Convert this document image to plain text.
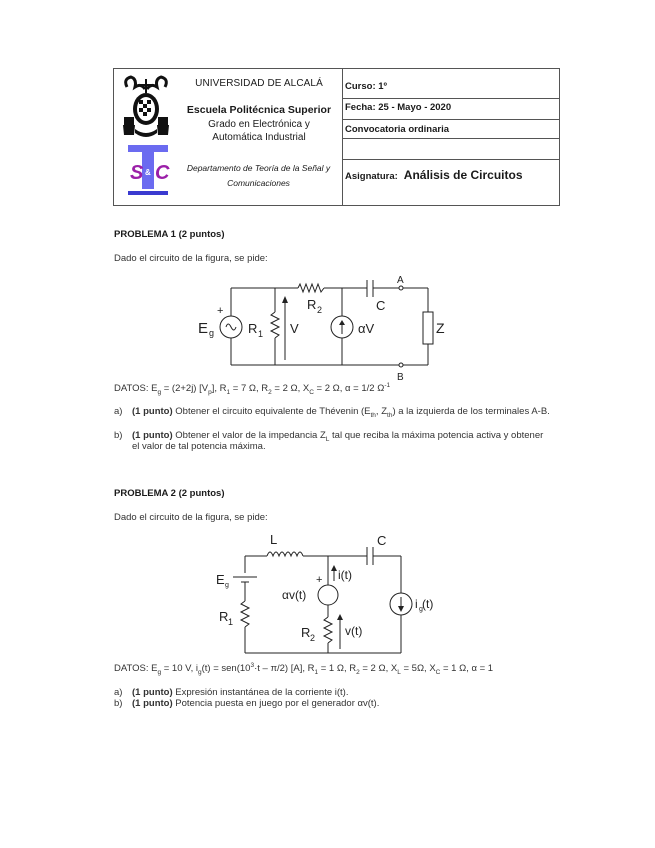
S & C
UNIVERSIDAD DE ALCALÁ
Escuela Politécnica Superior
Grado en Electrónica y
Automática Industrial
Departamento de Teoría de la Señal y
Comunicaciones
Curso: 1º
Fecha: 25 - Mayo - 2020
Convocatoria ordinaria
Asignatura: Análisis de Circuitos
PROBLEMA 1 (2 puntos)
Dado el circuito de la figura, se pide:
+
E g	R 1 V
R 2
αV
C
A
B
Z
DATOS: $E_g = (2+2j)$ $[V_p]$, $R_1 = 7$ Ω, $R_2 = 2$ Ω, $X_C = 2$ Ω, α = 1/2 $\Omega^{-1}$
a) (1 punto) Obtener el circuito equivalente de Thévenin ($E_{th}$, $Z_{th}$) a la izquierda de los terminales A-B.
b) (1 punto) Obtener el valor de la impedancia $Z_L$ tal que reciba la máxima potencia activa y obtener el valor de tal potencia máxima.
PROBLEMA 2 (2 puntos)
Dado el circuito de la figura, se pide:
L	C
E g
R 1
i(t)
+
αv(t)
R 2 v(t)
i g (t)
DATOS: $E_g = 10$ V, $i_g(t) = sen(10^3\cdot t - \pi/2)$ [A], $R_1 = 1$ Ω, $R_2 = 2$ Ω, $X_L = 5\Omega$, $X_C = 1$ Ω, α = 1
a) (1 punto) Expresión instantánea de la corriente i(t).
b) (1 punto) Potencia puesta en juego por el generador αv(t).
